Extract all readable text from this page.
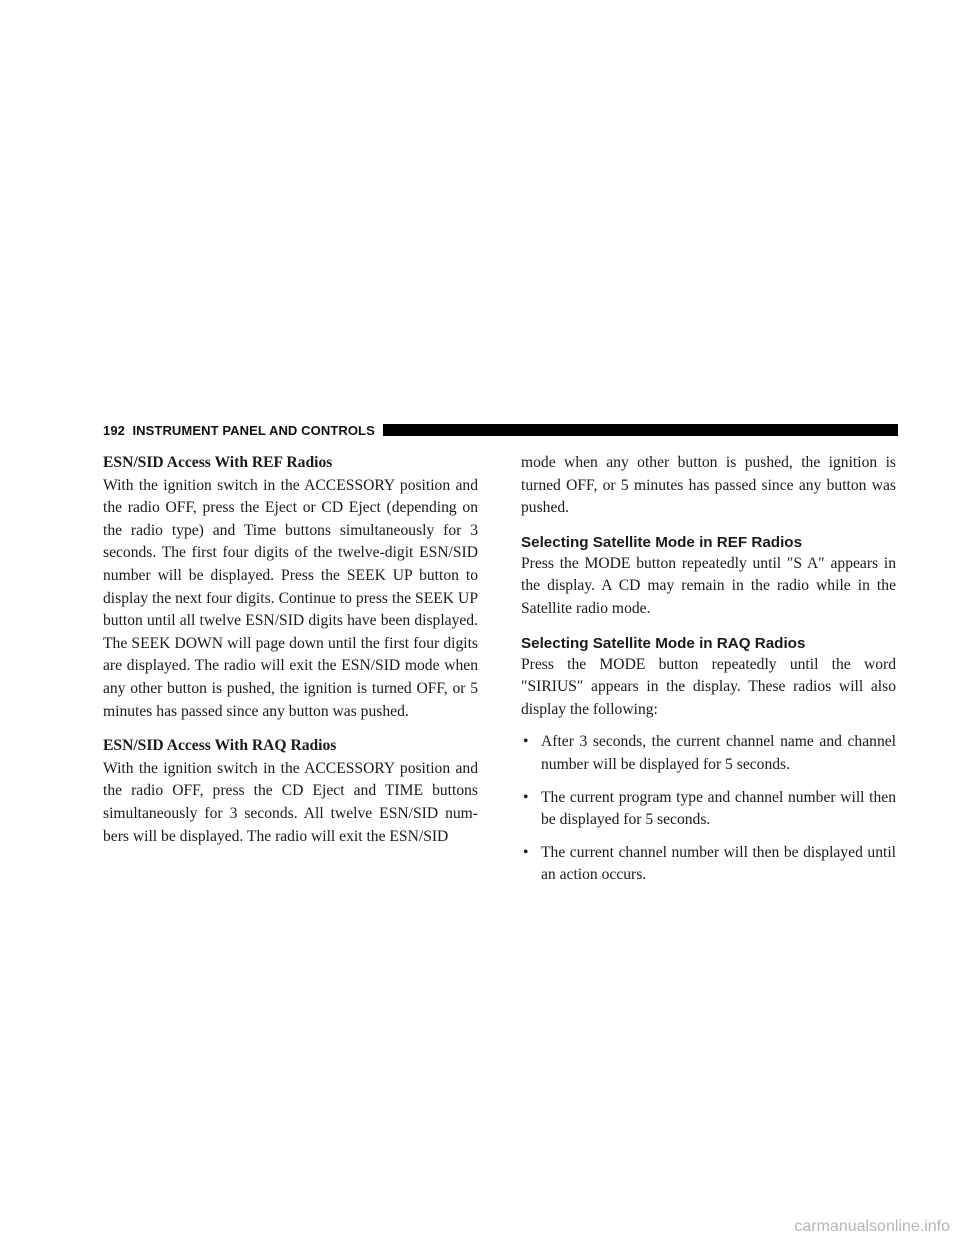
192 INSTRUMENT PANEL AND CONTROLS
ESN/SID Access With REF Radios

With the ignition switch in the ACCESSORY position and the radio OFF, press the Eject or CD Eject (depending on the radio type) and Time buttons simultaneously for 3 seconds. The first four digits of the twelve-digit ESN/SID number will be displayed. Press the SEEK UP button to display the next four digits. Continue to press the SEEK UP button until all twelve ESN/SID digits have been displayed. The SEEK DOWN will page down until the first four digits are displayed. The radio will exit the ESN/SID mode when any other button is pushed, the ignition is turned OFF, or 5 minutes has passed since any button was pushed.

ESN/SID Access With RAQ Radios

With the ignition switch in the ACCESSORY position and the radio OFF, press the CD Eject and TIME buttons simultaneously for 3 seconds. All twelve ESN/SID num-bers will be displayed. The radio will exit the ESN/SID

mode when any other button is pushed, the ignition is turned OFF, or 5 minutes has passed since any button was pushed.

Selecting Satellite Mode in REF Radios

Press the MODE button repeatedly until ″S A″ appears in the display. A CD may remain in the radio while in the Satellite radio mode.

Selecting Satellite Mode in RAQ Radios

Press the MODE button repeatedly until the word ″SIRIUS″ appears in the display. These radios will also display the following:

• After 3 seconds, the current channel name and channel number will be displayed for 5 seconds.
• The current program type and channel number will then be displayed for 5 seconds.
• The current channel number will then be displayed until an action occurs.
carmanualsonline.info
